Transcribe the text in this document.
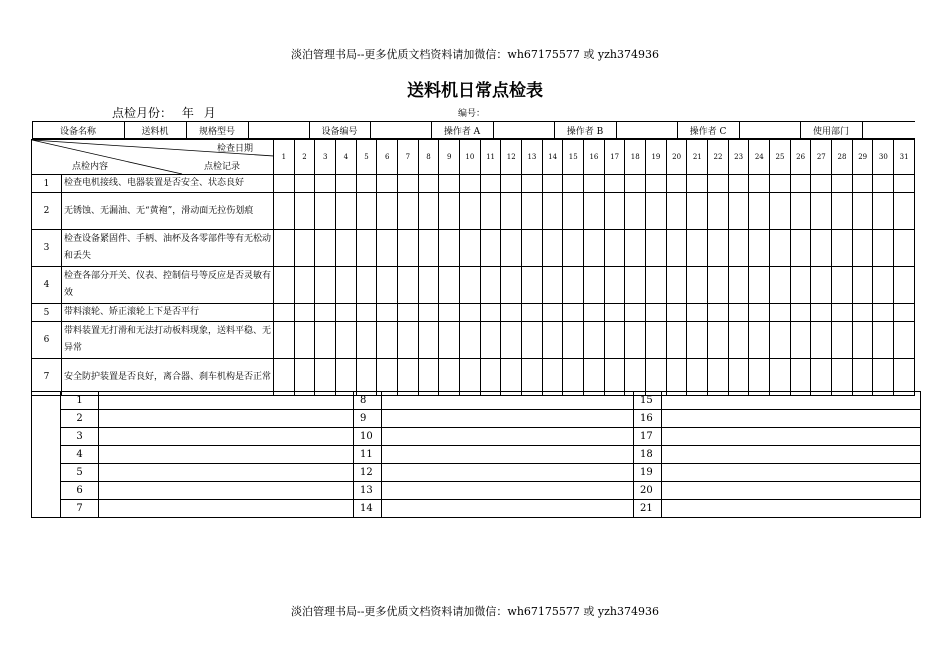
淡泊管理书局--更多优质文档资料请加微信：wh67175577 或 yzh374936
送料机日常点检表
点检月份： 年 月	编号：
设备名称	送料机	规格型号		设备编号		操作者 A		操作者 B		操作者 C		使用部门	

检查日期
点检记录
点检内容
	1	2	3	4	5	6	7	8	9	10	11	12	13	14	15	16	17	18	19	20	21	22	23	24	25	26	27	28	29	30	31
1	检查电机接线、电器装置是否安全、状态良好																															
2	无锈蚀、无漏油、无“黄袍”，滑动面无拉伤划痕																															
3	检查设备紧固件、手柄、油杯及各零部件等有无松动和丢失																															
4	检查各部分开关、仪表、控制信号等反应是否灵敏有效																															
5	带料滚轮、矫正滚轮上下是否平行																															
6	带料装置无打滑和无法打动板料现象，送料平稳、无异常																															
7	安全防护装置是否良好，离合器、刹车机构是否正常																															
	1		8		15	
	2		9		16	
	3		10		17	
	4		11		18	
	5		12		19	
	6		13		20	
	7		14		21	
淡泊管理书局--更多优质文档资料请加微信：wh67175577 或 yzh374936
